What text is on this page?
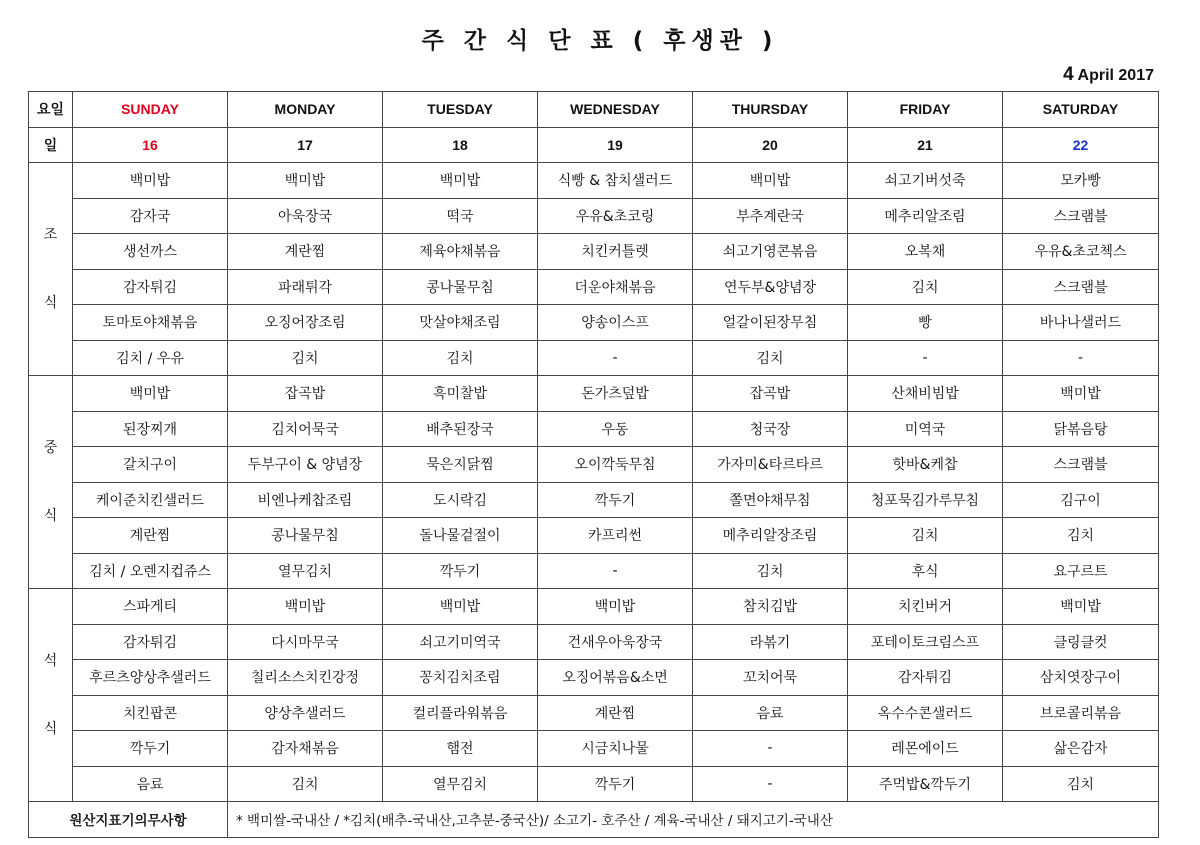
주 간 식 단 표 ( 후생관 )
4 April 2017
요일	SUNDAY	MONDAY	TUESDAY	WEDNESDAY	THURSDAY	FRIDAY	SATURDAY
일	16	17	18	19	20	21	22

조
식	백미밥	백미밥	백미밥	식빵 & 참치샐러드	백미밥	쇠고기버섯죽	모카빵
	감자국	아욱장국	떡국	우유&초코링	부추계란국	메추리알조림	스크램블
	생선까스	계란찜	제육야채볶음	치킨커틀렛	쇠고기영콘볶음	오복채	우유&초코첵스
	감자튀김	파래튀각	콩나물무침	더운야채볶음	연두부&양념장	김치	스크램블
	토마토야채볶음	오징어장조림	맛살야채조림	양송이스프	얼갈이된장무침	빵	바나나샐러드
	김치 / 우유	김치	김치	-	김치	-	-

중
식	백미밥	잡곡밥	흑미찰밥	돈가츠덮밥	잡곡밥	산채비빔밥	백미밥
	된장찌개	김치어묵국	배추된장국	우동	청국장	미역국	닭볶음탕
	갈치구이	두부구이 & 양념장	묵은지닭찜	오이깍둑무침	가자미&타르타르	핫바&케찹	스크램블
	케이준치킨샐러드	비엔나케찹조림	도시락김	깍두기	쫄면야채무침	청포묵김가루무침	김구이
	계란찜	콩나물무침	돌나물겉절이	카프리썬	메추리알장조림	김치	김치
	김치 / 오렌지컵쥬스	열무김치	깍두기	-	김치	후식	요구르트

석
식	스파게티	백미밥	백미밥	백미밥	참치김밥	치킨버거	백미밥
	감자튀김	다시마무국	쇠고기미역국	건새우아욱장국	라볶기	포테이토크림스프	클링클컷
	후르츠양상추샐러드	칠리소스치킨강정	꽁치김치조림	오징어볶음&소면	꼬치어묵	감자튀김	삼치엿장구이
	치킨팝콘	양상추샐러드	컬리플라워볶음	계란찜	음료	옥수수콘샐러드	브로콜리볶음
	깍두기	감자채볶음	햄전	시금치나물	-	레몬에이드	삶은감자
	음료	김치	열무김치	깍두기	-	주먹밥&깍두기	김치
원산지표기의무사항		* 백미쌀-국내산 / *김치(배추-국내산,고추분-중국산)/ 소고기- 호주산 / 계육-국내산 / 돼지고기-국내산					
